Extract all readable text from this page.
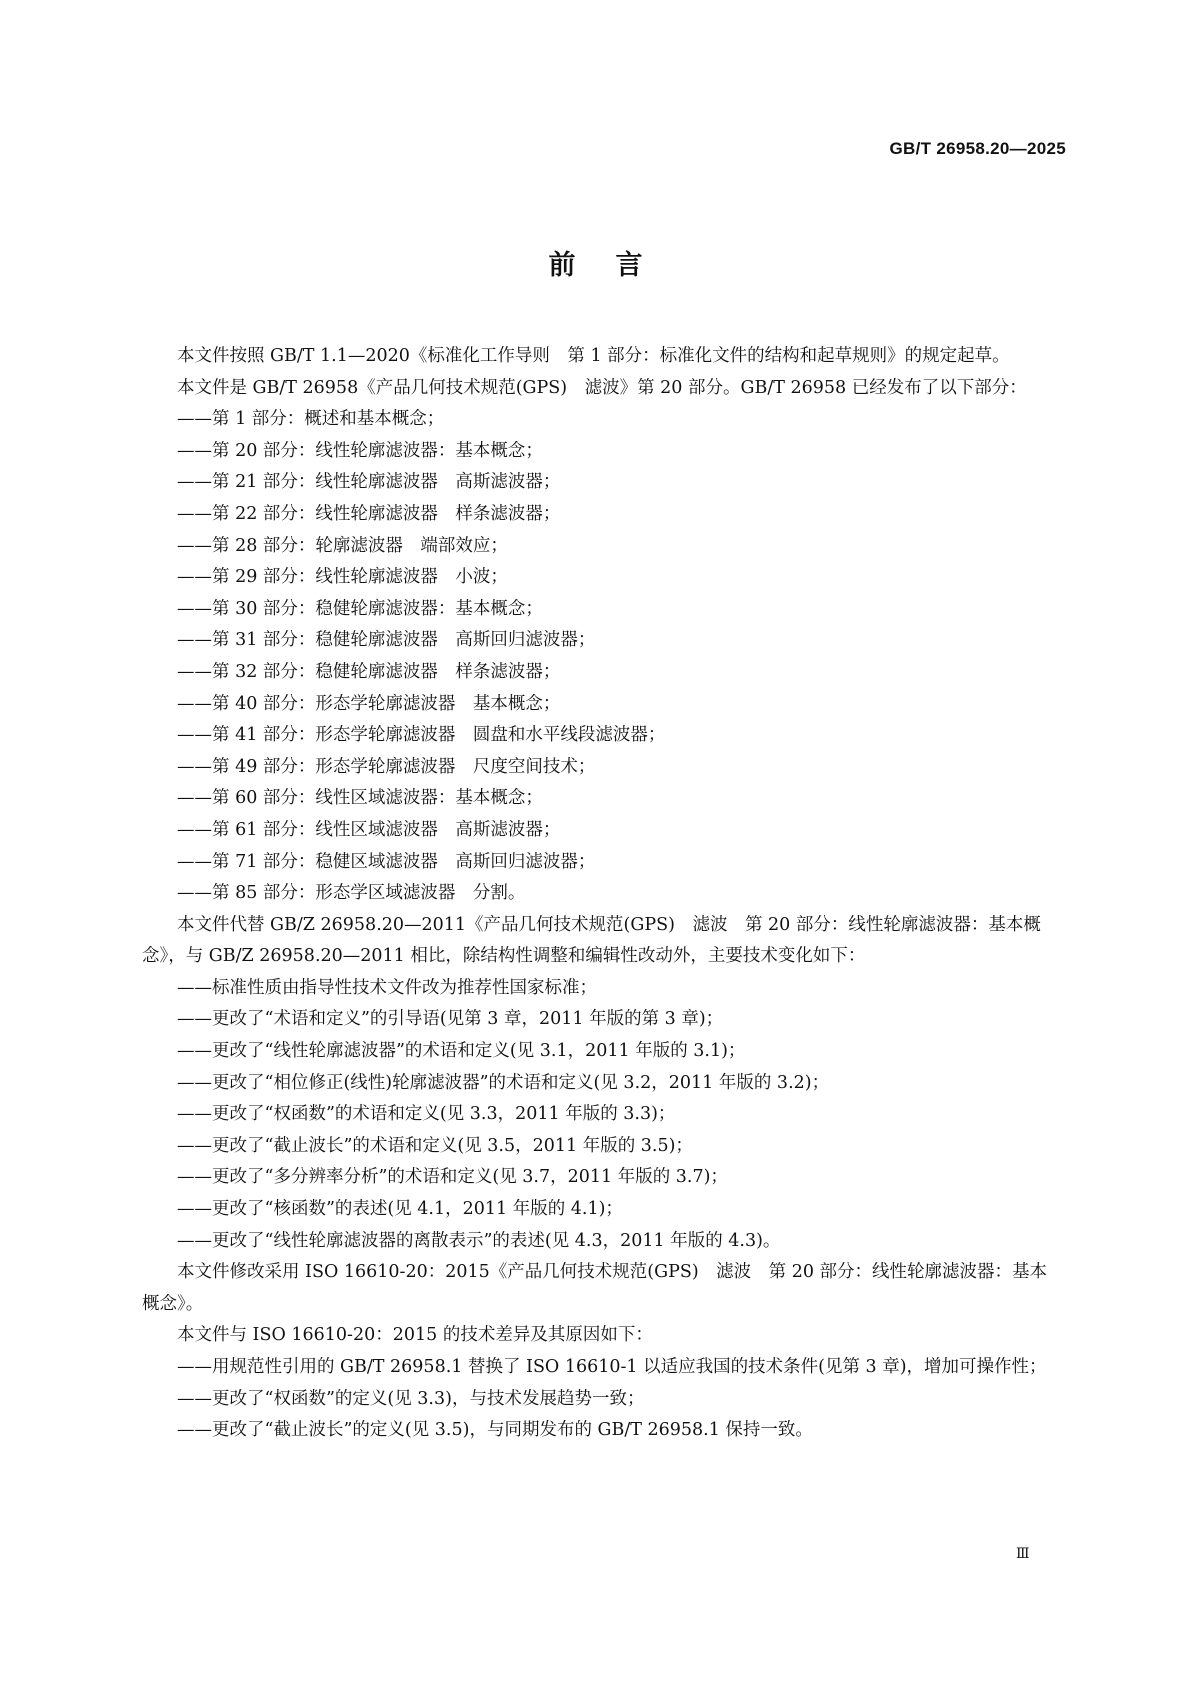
GB/T 26958.20—2025
前言

本文件按照 GB/T 1.1—2020《标准化工作导则　第 1 部分：标准化文件的结构和起草规则》的规定起草。

本文件是 GB/T 26958《产品几何技术规范(GPS)　滤波》第 20 部分。GB/T 26958 已经发布了以下部分：

——第 1 部分：概述和基本概念；

——第 20 部分：线性轮廓滤波器：基本概念；

——第 21 部分：线性轮廓滤波器　高斯滤波器；

——第 22 部分：线性轮廓滤波器　样条滤波器；

——第 28 部分：轮廓滤波器　端部效应；

——第 29 部分：线性轮廓滤波器　小波；

——第 30 部分：稳健轮廓滤波器：基本概念；

——第 31 部分：稳健轮廓滤波器　高斯回归滤波器；

——第 32 部分：稳健轮廓滤波器　样条滤波器；

——第 40 部分：形态学轮廓滤波器　基本概念；

——第 41 部分：形态学轮廓滤波器　圆盘和水平线段滤波器；

——第 49 部分：形态学轮廓滤波器　尺度空间技术；

——第 60 部分：线性区域滤波器：基本概念；

——第 61 部分：线性区域滤波器　高斯滤波器；

——第 71 部分：稳健区域滤波器　高斯回归滤波器；

——第 85 部分：形态学区域滤波器　分割。

本文件代替 GB/Z 26958.20—2011《产品几何技术规范(GPS)　滤波　第 20 部分：线性轮廓滤波器：基本概念》，与 GB/Z 26958.20—2011 相比，除结构性调整和编辑性改动外，主要技术变化如下：

——标准性质由指导性技术文件改为推荐性国家标准；

——更改了“术语和定义”的引导语(见第 3 章，2011 年版的第 3 章)；

——更改了“线性轮廓滤波器”的术语和定义(见 3.1，2011 年版的 3.1)；

——更改了“相位修正(线性)轮廓滤波器”的术语和定义(见 3.2，2011 年版的 3.2)；

——更改了“权函数”的术语和定义(见 3.3，2011 年版的 3.3)；

——更改了“截止波长”的术语和定义(见 3.5，2011 年版的 3.5)；

——更改了“多分辨率分析”的术语和定义(见 3.7，2011 年版的 3.7)；

——更改了“核函数”的表述(见 4.1，2011 年版的 4.1)；

——更改了“线性轮廓滤波器的离散表示”的表述(见 4.3，2011 年版的 4.3)。

本文件修改采用 ISO 16610-20：2015《产品几何技术规范(GPS)　滤波　第 20 部分：线性轮廓滤波器：基本概念》。

本文件与 ISO 16610-20：2015 的技术差异及其原因如下：

——用规范性引用的 GB/T 26958.1 替换了 ISO 16610-1 以适应我国的技术条件(见第 3 章)，增加可操作性；

——更改了“权函数”的定义(见 3.3)，与技术发展趋势一致；

——更改了“截止波长”的定义(见 3.5)，与同期发布的 GB/T 26958.1 保持一致。

Ⅲ
